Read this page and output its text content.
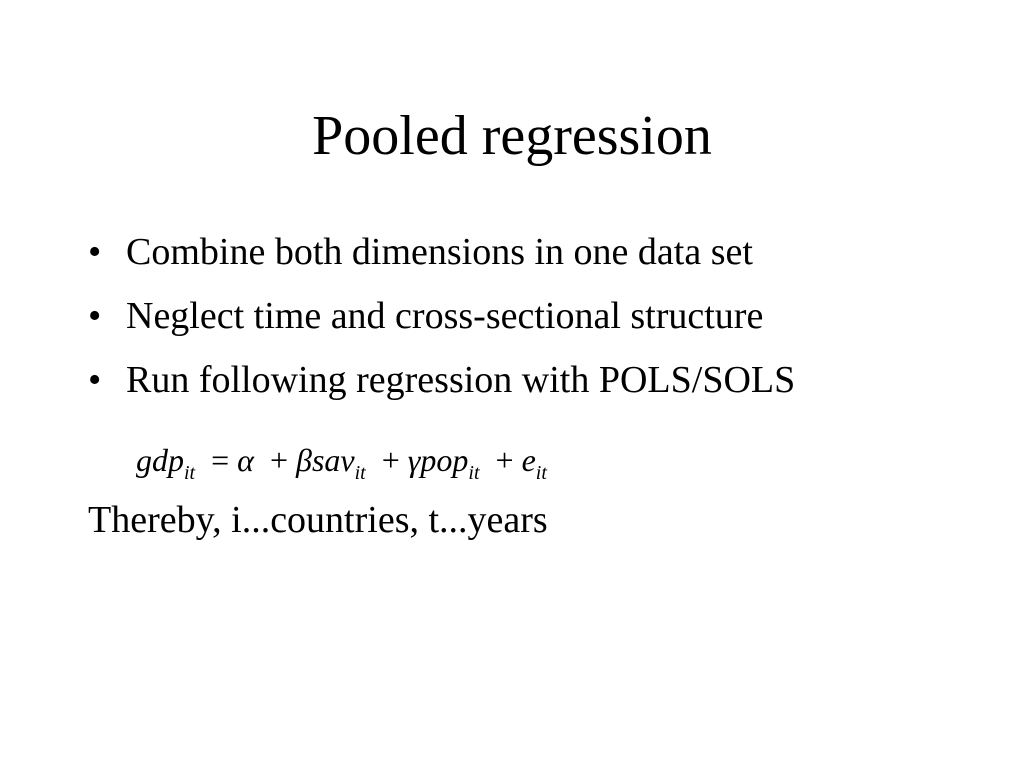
Pooled regression
• Combine both dimensions in one data set
• Neglect time and cross-sectional structure
• Run following regression with POLS/SOLS
$gdp_{it} = \alpha + \beta sav_{it} + \gamma pop_{it} + e_{it}$
Thereby, i...countries, t...years
